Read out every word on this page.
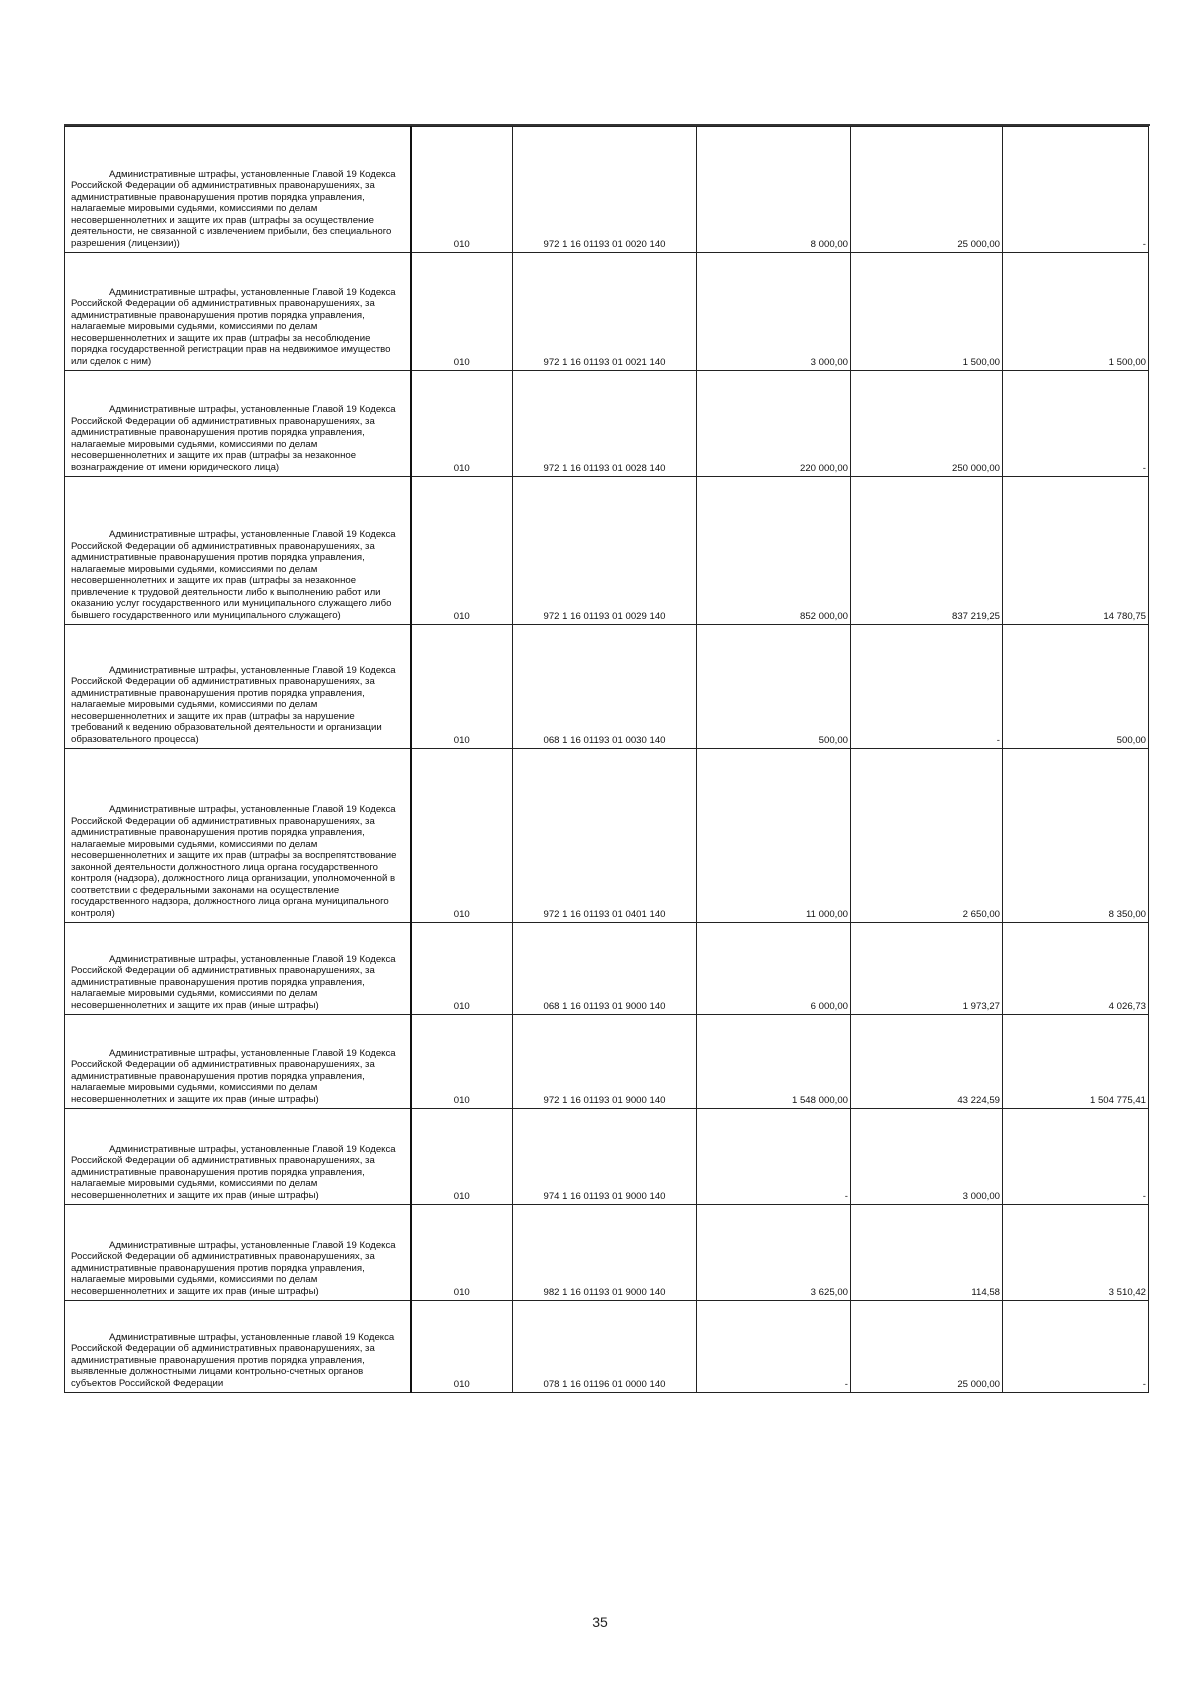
Административные штрафы, установленные Главой 19 Кодекса Российской Федерации об административных правонарушениях, за административные правонарушения против порядка управления, налагаемые мировыми судьями, комиссиями по делам несовершеннолетних и защите их прав (штрафы за осуществление деятельности, не связанной с извлечением прибыли, без специального разрешения (лицензии))	010	972 1 16 01193 01 0020 140	8 000,00	25 000,00	-

Административные штрафы, установленные Главой 19 Кодекса Российской Федерации об административных правонарушениях, за административные правонарушения против порядка управления, налагаемые мировыми судьями, комиссиями по делам несовершеннолетних и защите их прав (штрафы за несоблюдение порядка государственной регистрации прав на недвижимое имущество или сделок с ним)	010	972 1 16 01193 01 0021 140	3 000,00	1 500,00	1 500,00

Административные штрафы, установленные Главой 19 Кодекса Российской Федерации об административных правонарушениях, за административные правонарушения против порядка управления, налагаемые мировыми судьями, комиссиями по делам несовершеннолетних и защите их прав (штрафы за незаконное вознаграждение от имени юридического лица)	010	972 1 16 01193 01 0028 140	220 000,00	250 000,00	-

Административные штрафы, установленные Главой 19 Кодекса Российской Федерации об административных правонарушениях, за административные правонарушения против порядка управления, налагаемые мировыми судьями, комиссиями по делам несовершеннолетних и защите их прав (штрафы за незаконное привлечение к трудовой деятельности либо к выполнению работ или оказанию услуг государственного или муниципального служащего либо бывшего государственного или муниципального служащего)	010	972 1 16 01193 01 0029 140	852 000,00	837 219,25	14 780,75

Административные штрафы, установленные Главой 19 Кодекса Российской Федерации об административных правонарушениях, за административные правонарушения против порядка управления, налагаемые мировыми судьями, комиссиями по делам несовершеннолетних и защите их прав (штрафы за нарушение требований к ведению образовательной деятельности и организации образовательного процесса)	010	068 1 16 01193 01 0030 140	500,00	-	500,00

Административные штрафы, установленные Главой 19 Кодекса Российской Федерации об административных правонарушениях, за административные правонарушения против порядка управления, налагаемые мировыми судьями, комиссиями по делам несовершеннолетних и защите их прав (штрафы за воспрепятствование законной деятельности должностного лица органа государственного контроля (надзора), должностного лица организации, уполномоченной в соответствии с федеральными законами на осуществление государственного надзора, должностного лица органа муниципального контроля)	010	972 1 16 01193 01 0401 140	11 000,00	2 650,00	8 350,00

Административные штрафы, установленные Главой 19 Кодекса Российской Федерации об административных правонарушениях, за административные правонарушения против порядка управления, налагаемые мировыми судьями, комиссиями по делам несовершеннолетних и защите их прав (иные штрафы)	010	068 1 16 01193 01 9000 140	6 000,00	1 973,27	4 026,73

Административные штрафы, установленные Главой 19 Кодекса Российской Федерации об административных правонарушениях, за административные правонарушения против порядка управления, налагаемые мировыми судьями, комиссиями по делам несовершеннолетних и защите их прав (иные штрафы)	010	972 1 16 01193 01 9000 140	1 548 000,00	43 224,59	1 504 775,41

Административные штрафы, установленные Главой 19 Кодекса Российской Федерации об административных правонарушениях, за административные правонарушения против порядка управления, налагаемые мировыми судьями, комиссиями по делам несовершеннолетних и защите их прав (иные штрафы)	010	974 1 16 01193 01 9000 140	-	3 000,00	-

Административные штрафы, установленные Главой 19 Кодекса Российской Федерации об административных правонарушениях, за административные правонарушения против порядка управления, налагаемые мировыми судьями, комиссиями по делам несовершеннолетних и защите их прав (иные штрафы)	010	982 1 16 01193 01 9000 140	3 625,00	114,58	3 510,42

Административные штрафы, установленные главой 19 Кодекса Российской Федерации об административных правонарушениях, за административные правонарушения против порядка управления, выявленные должностными лицами контрольно-счетных органов субъектов Российской Федерации	010	078 1 16 01196 01 0000 140	-	25 000,00	-
35
